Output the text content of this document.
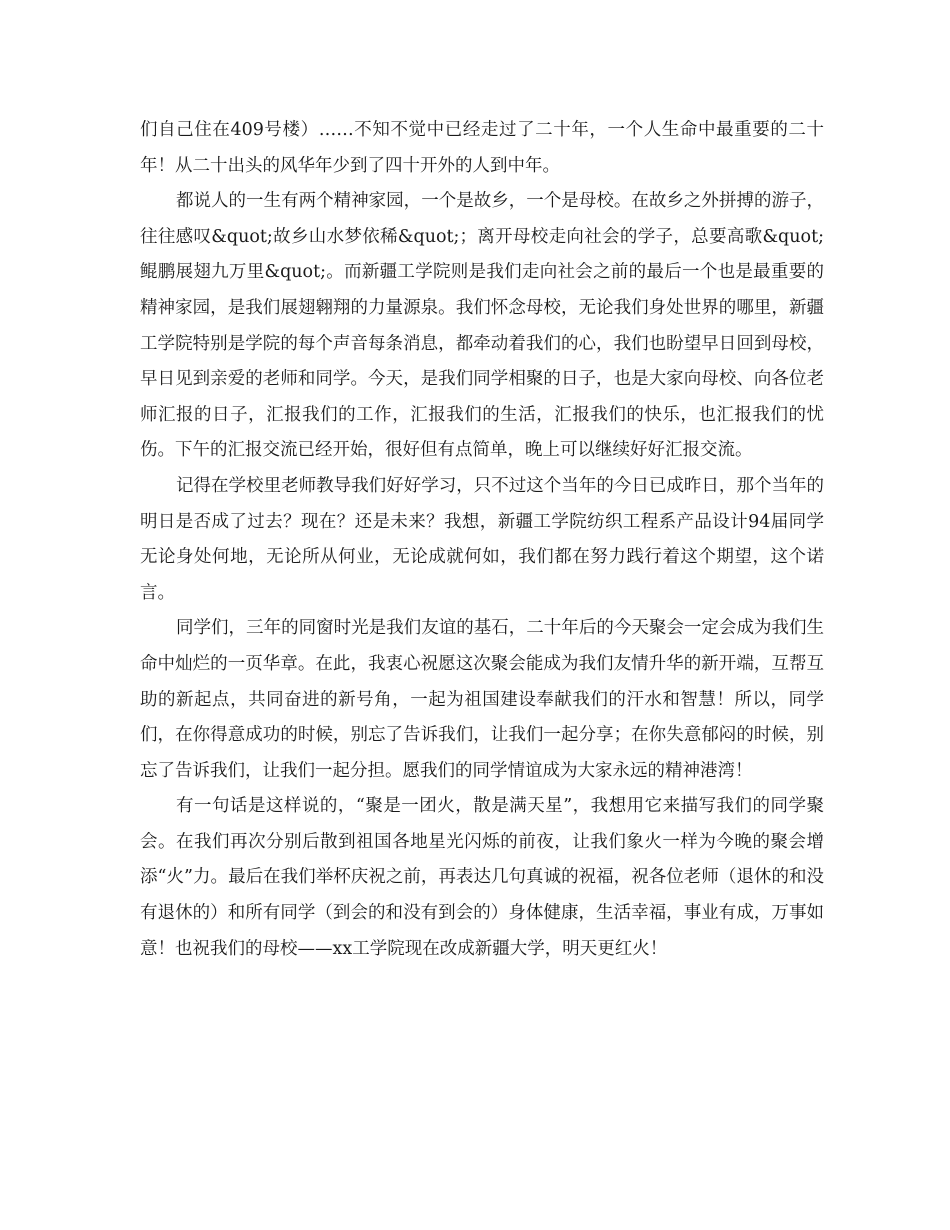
们自己住在409号楼）……不知不觉中已经走过了二十年，一个人生命中最重要的二十年！从二十出头的风华年少到了四十开外的人到中年。

都说人的一生有两个精神家园，一个是故乡，一个是母校。在故乡之外拼搏的游子，往往感叹&quot;故乡山水梦依稀&quot;；离开母校走向社会的学子，总要高歌&quot;鲲鹏展翅九万里&quot;。而新疆工学院则是我们走向社会之前的最后一个也是最重要的精神家园，是我们展翅翱翔的力量源泉。我们怀念母校，无论我们身处世界的哪里，新疆工学院特别是学院的每个声音每条消息，都牵动着我们的心，我们也盼望早日回到母校，早日见到亲爱的老师和同学。今天，是我们同学相聚的日子，也是大家向母校、向各位老师汇报的日子，汇报我们的工作，汇报我们的生活，汇报我们的快乐，也汇报我们的忧伤。下午的汇报交流已经开始，很好但有点简单，晚上可以继续好好汇报交流。

记得在学校里老师教导我们好好学习，只不过这个当年的今日已成昨日，那个当年的明日是否成了过去？现在？还是未来？我想，新疆工学院纺织工程系产品设计94届同学无论身处何地，无论所从何业，无论成就何如，我们都在努力践行着这个期望，这个诺言。

同学们，三年的同窗时光是我们友谊的基石，二十年后的今天聚会一定会成为我们生命中灿烂的一页华章。在此，我衷心祝愿这次聚会能成为我们友情升华的新开端，互帮互助的新起点，共同奋进的新号角，一起为祖国建设奉献我们的汗水和智慧！所以，同学们，在你得意成功的时候，别忘了告诉我们，让我们一起分享；在你失意郁闷的时候，别忘了告诉我们，让我们一起分担。愿我们的同学情谊成为大家永远的精神港湾！

有一句话是这样说的，“聚是一团火，散是满天星”，我想用它来描写我们的同学聚会。在我们再次分别后散到祖国各地星光闪烁的前夜，让我们象火一样为今晚的聚会增添“火”力。最后在我们举杯庆祝之前，再表达几句真诚的祝福，祝各位老师（退休的和没有退休的）和所有同学（到会的和没有到会的）身体健康，生活幸福，事业有成，万事如意！也祝我们的母校——xx工学院现在改成新疆大学，明天更红火！
